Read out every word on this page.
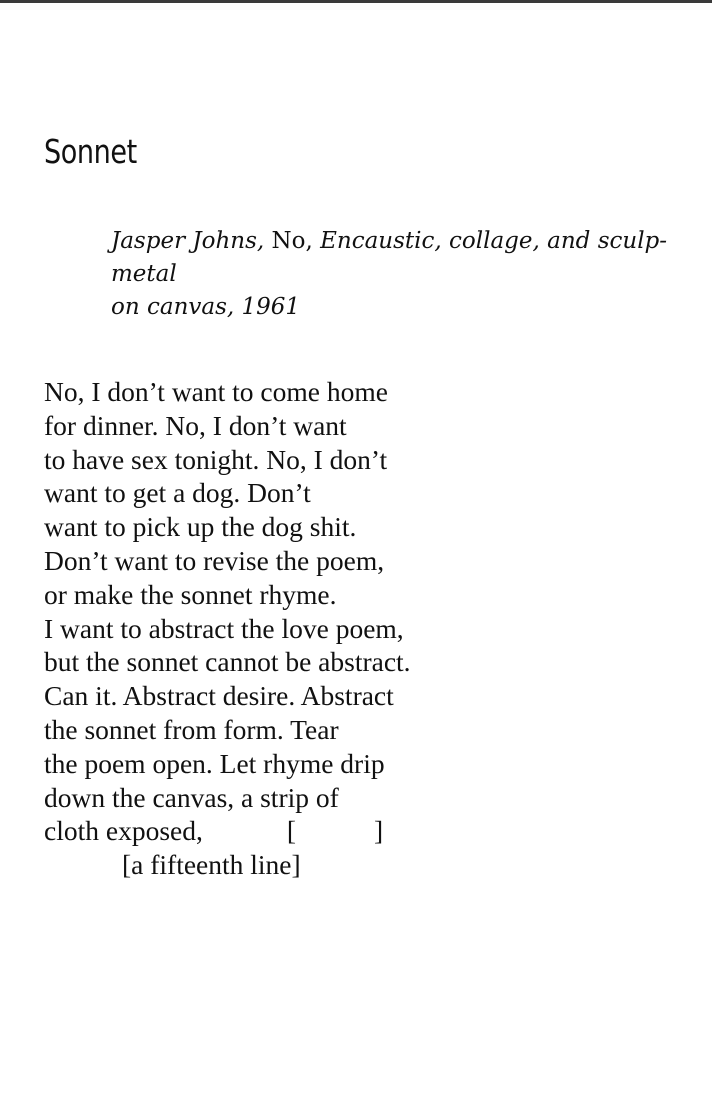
Sonnet
Jasper Johns, No, Encaustic, collage, and sculp-metal
on canvas, 1961
No, I don’t want to come home
for dinner. No, I don’t want
to have sex tonight. No, I don’t
want to get a dog. Don’t
want to pick up the dog shit.
Don’t want to revise the poem,
or make the sonnet rhyme.
I want to abstract the love poem,
but the sonnet cannot be abstract.
Can it. Abstract desire. Abstract
the sonnet from form. Tear
the poem open. Let rhyme drip
down the canvas, a strip of
cloth exposed,	[	]
[a fifteenth line]
